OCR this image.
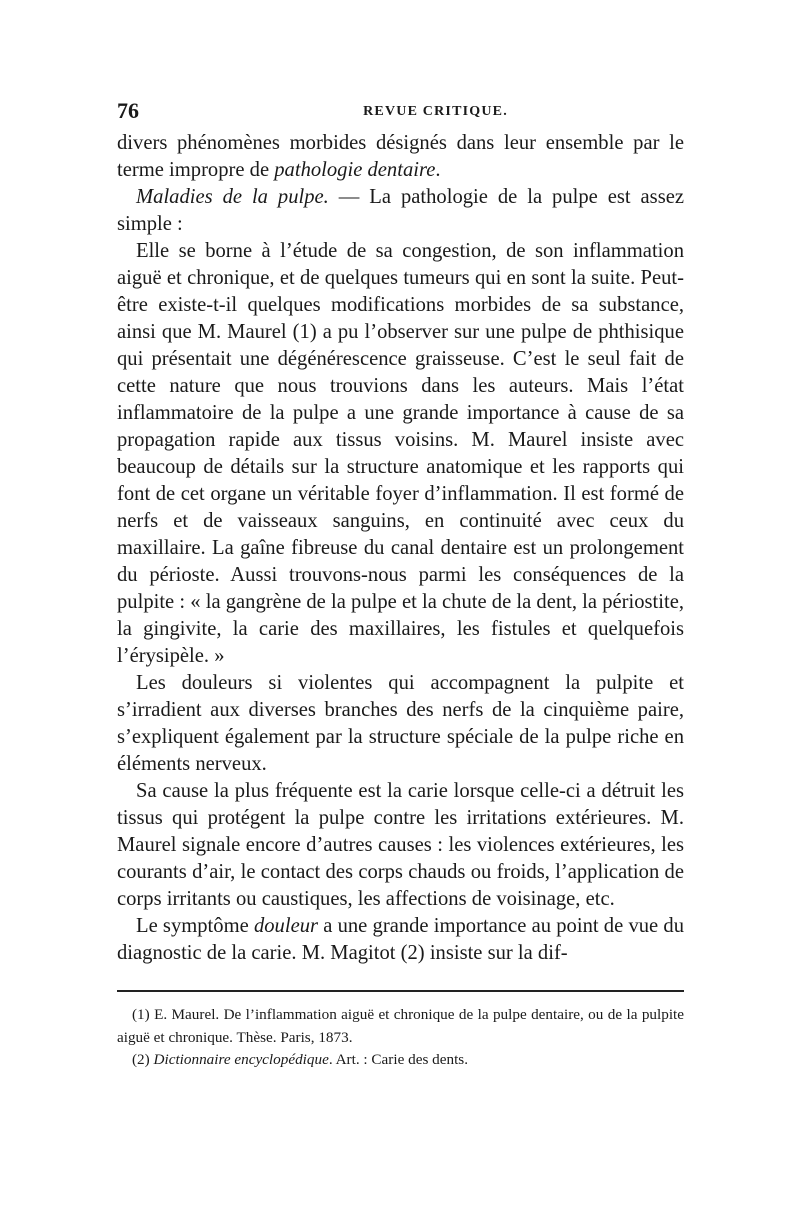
76	REVUE CRITIQUE.

divers phénomènes morbides désignés dans leur ensemble par le terme impropre de pathologie dentaire.

Maladies de la pulpe. — La pathologie de la pulpe est assez simple :

Elle se borne à l’étude de sa congestion, de son inflammation aiguë et chronique, et de quelques tumeurs qui en sont la suite. Peut-être existe-t-il quelques modifications morbides de sa substance, ainsi que M. Maurel (1) a pu l’observer sur une pulpe de phthisique qui présentait une dégénérescence graisseuse. C’est le seul fait de cette nature que nous trouvions dans les auteurs. Mais l’état inflammatoire de la pulpe a une grande importance à cause de sa propagation rapide aux tissus voisins. M. Maurel insiste avec beaucoup de détails sur la structure anatomique et les rapports qui font de cet organe un véritable foyer d’inflammation. Il est formé de nerfs et de vaisseaux sanguins, en continuité avec ceux du maxillaire. La gaîne fibreuse du canal dentaire est un prolongement du périoste. Aussi trouvons-nous parmi les conséquences de la pulpite : « la gangrène de la pulpe et la chute de la dent, la périostite, la gingivite, la carie des maxillaires, les fistules et quelquefois l’érysipèle. »

Les douleurs si violentes qui accompagnent la pulpite et s’irradient aux diverses branches des nerfs de la cinquième paire, s’expliquent également par la structure spéciale de la pulpe riche en éléments nerveux.

Sa cause la plus fréquente est la carie lorsque celle-ci a détruit les tissus qui protégent la pulpe contre les irritations extérieures. M. Maurel signale encore d’autres causes : les violences extérieures, les courants d’air, le contact des corps chauds ou froids, l’application de corps irritants ou caustiques, les affections de voisinage, etc.

Le symptôme douleur a une grande importance au point de vue du diagnostic de la carie. M. Magitot (2) insiste sur la dif-

(1) E. Maurel. De l’inflammation aiguë et chronique de la pulpe dentaire, ou de la pulpite aiguë et chronique. Thèse. Paris, 1873.

(2) Dictionnaire encyclopédique. Art. : Carie des dents.
